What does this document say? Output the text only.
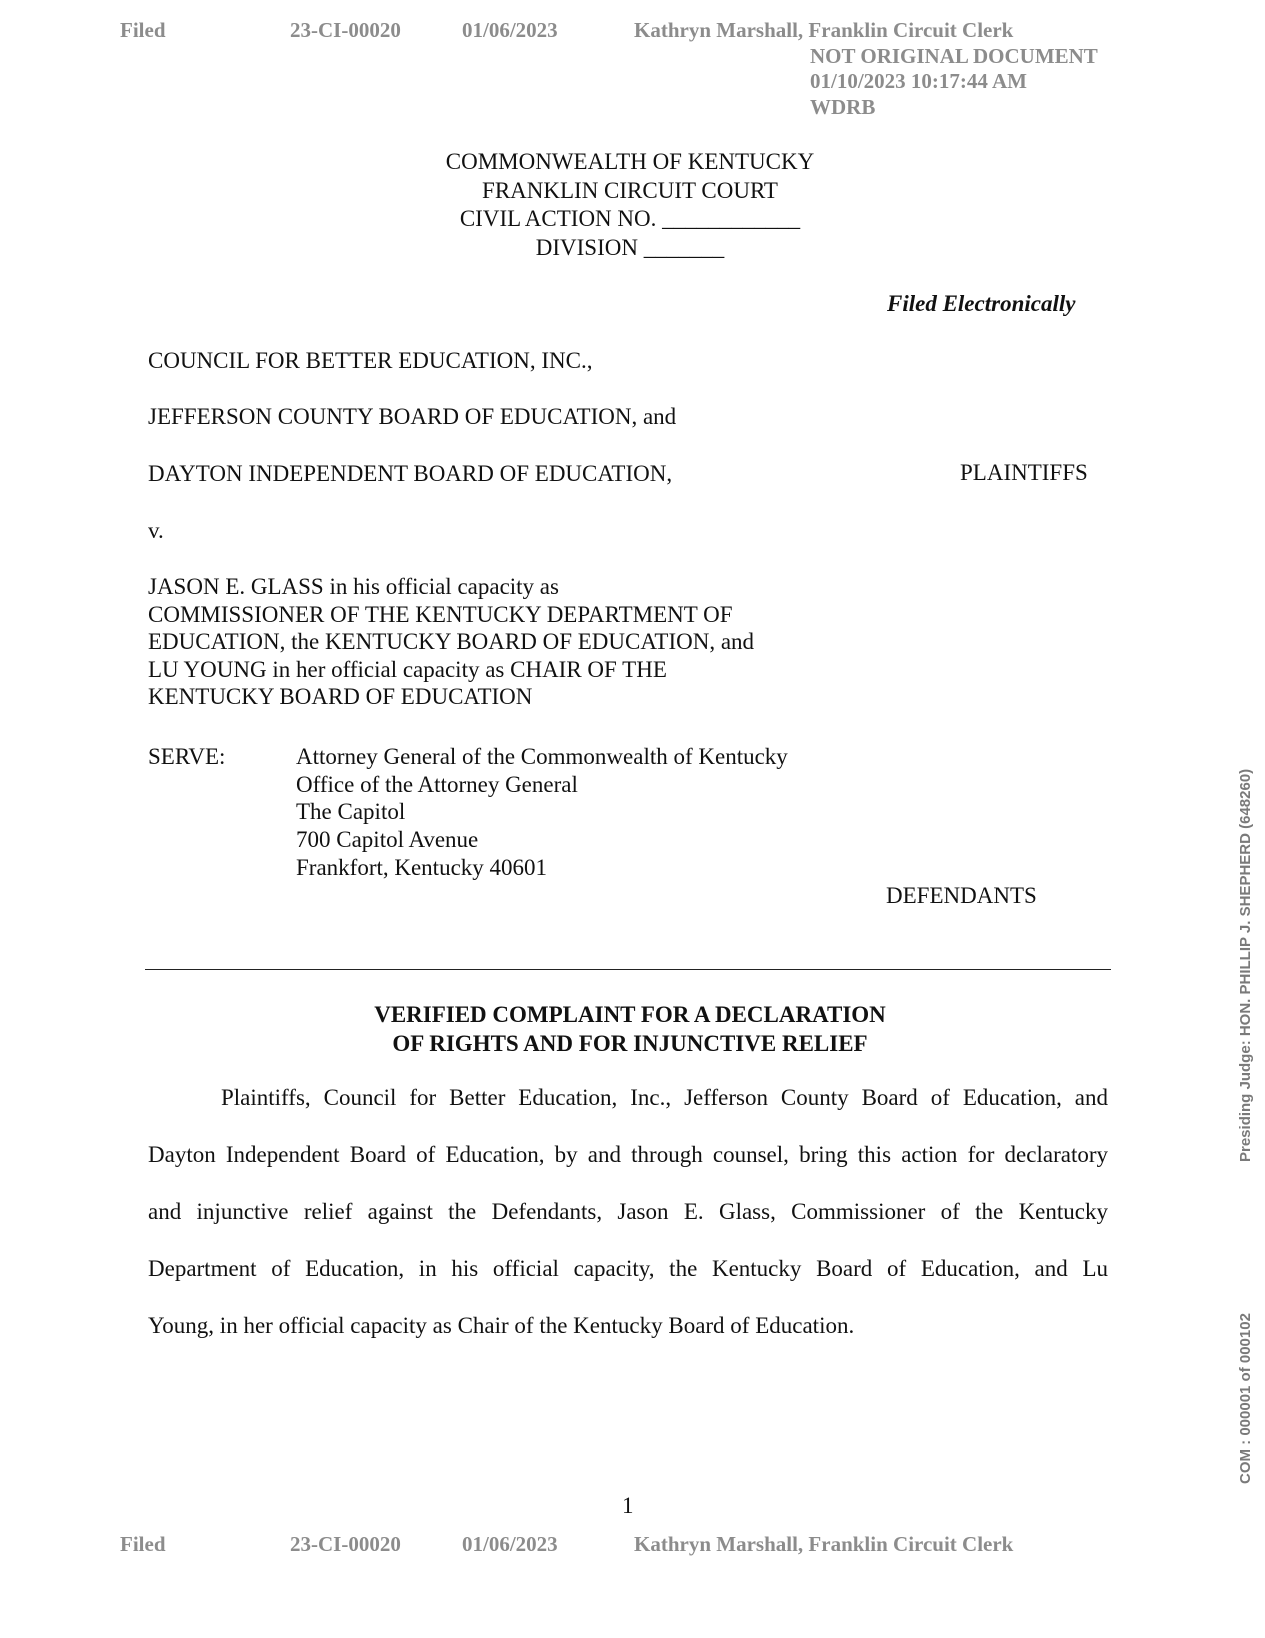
Filed	23-CI-00020	01/06/2023	Kathryn Marshall, Franklin Circuit Clerk
NOT ORIGINAL DOCUMENT
01/10/2023 10:17:44 AM
WDRB
COMMONWEALTH OF KENTUCKY
FRANKLIN CIRCUIT COURT
CIVIL ACTION NO. ____________
DIVISION _______
Filed Electronically
COUNCIL FOR BETTER EDUCATION, INC.,
JEFFERSON COUNTY BOARD OF EDUCATION, and
DAYTON INDEPENDENT BOARD OF EDUCATION,	PLAINTIFFS
v.
JASON E. GLASS in his official capacity as
COMMISSIONER OF THE KENTUCKY DEPARTMENT OF
EDUCATION, the KENTUCKY BOARD OF EDUCATION, and
LU YOUNG in her official capacity as CHAIR OF THE
KENTUCKY BOARD OF EDUCATION
SERVE:	Attorney General of the Commonwealth of Kentucky
Office of the Attorney General
The Capitol
700 Capitol Avenue
Frankfort, Kentucky 40601
DEFENDANTS
VERIFIED COMPLAINT FOR A DECLARATION
OF RIGHTS AND FOR INJUNCTIVE RELIEF
Plaintiffs, Council for Better Education, Inc., Jefferson County Board of Education, and
Dayton Independent Board of Education, by and through counsel, bring this action for declaratory
and injunctive relief against the Defendants, Jason E. Glass, Commissioner of the Kentucky
Department of Education, in his official capacity, the Kentucky Board of Education, and Lu
Young, in her official capacity as Chair of the Kentucky Board of Education.
1
Filed	23-CI-00020	01/06/2023	Kathryn Marshall, Franklin Circuit Clerk
Presiding Judge: HON. PHILLIP J. SHEPHERD (648260)
COM : 000001 of 000102
